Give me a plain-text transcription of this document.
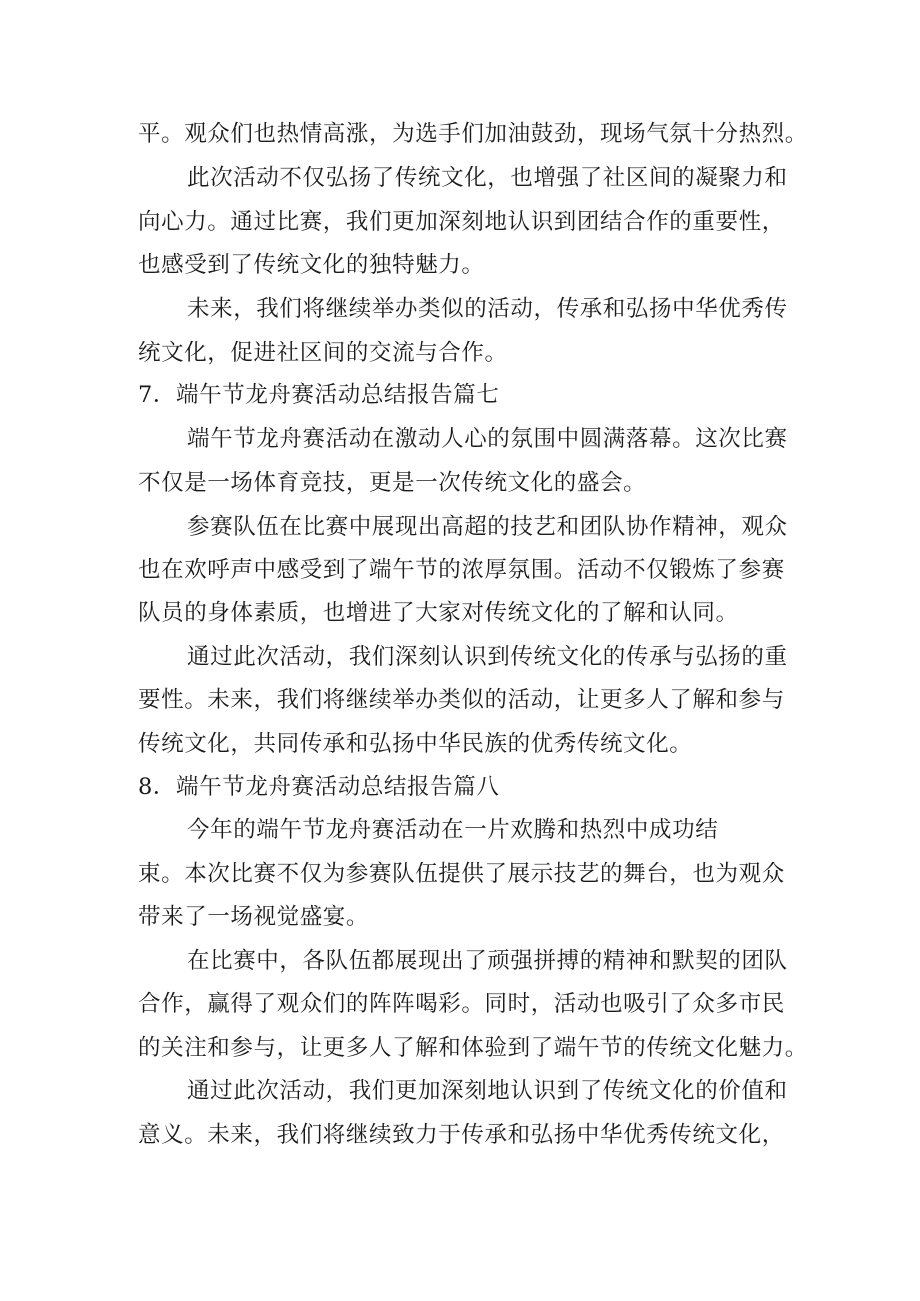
平。观众们也热情高涨，为选手们加油鼓劲，现场气氛十分热烈。
此次活动不仅弘扬了传统文化，也增强了社区间的凝聚力和
向心力。通过比赛，我们更加深刻地认识到团结合作的重要性，
也感受到了传统文化的独特魅力。
未来，我们将继续举办类似的活动，传承和弘扬中华优秀传
统文化，促进社区间的交流与合作。
7．端午节龙舟赛活动总结报告篇七
端午节龙舟赛活动在激动人心的氛围中圆满落幕。这次比赛
不仅是一场体育竞技，更是一次传统文化的盛会。
参赛队伍在比赛中展现出高超的技艺和团队协作精神，观众
也在欢呼声中感受到了端午节的浓厚氛围。活动不仅锻炼了参赛
队员的身体素质，也增进了大家对传统文化的了解和认同。
通过此次活动，我们深刻认识到传统文化的传承与弘扬的重
要性。未来，我们将继续举办类似的活动，让更多人了解和参与
传统文化，共同传承和弘扬中华民族的优秀传统文化。
8．端午节龙舟赛活动总结报告篇八
今年的端午节龙舟赛活动在一片欢腾和热烈中成功结
束。本次比赛不仅为参赛队伍提供了展示技艺的舞台，也为观众
带来了一场视觉盛宴。
在比赛中，各队伍都展现出了顽强拼搏的精神和默契的团队
合作，赢得了观众们的阵阵喝彩。同时，活动也吸引了众多市民
的关注和参与，让更多人了解和体验到了端午节的传统文化魅力。
通过此次活动，我们更加深刻地认识到了传统文化的价值和
意义。未来，我们将继续致力于传承和弘扬中华优秀传统文化，
